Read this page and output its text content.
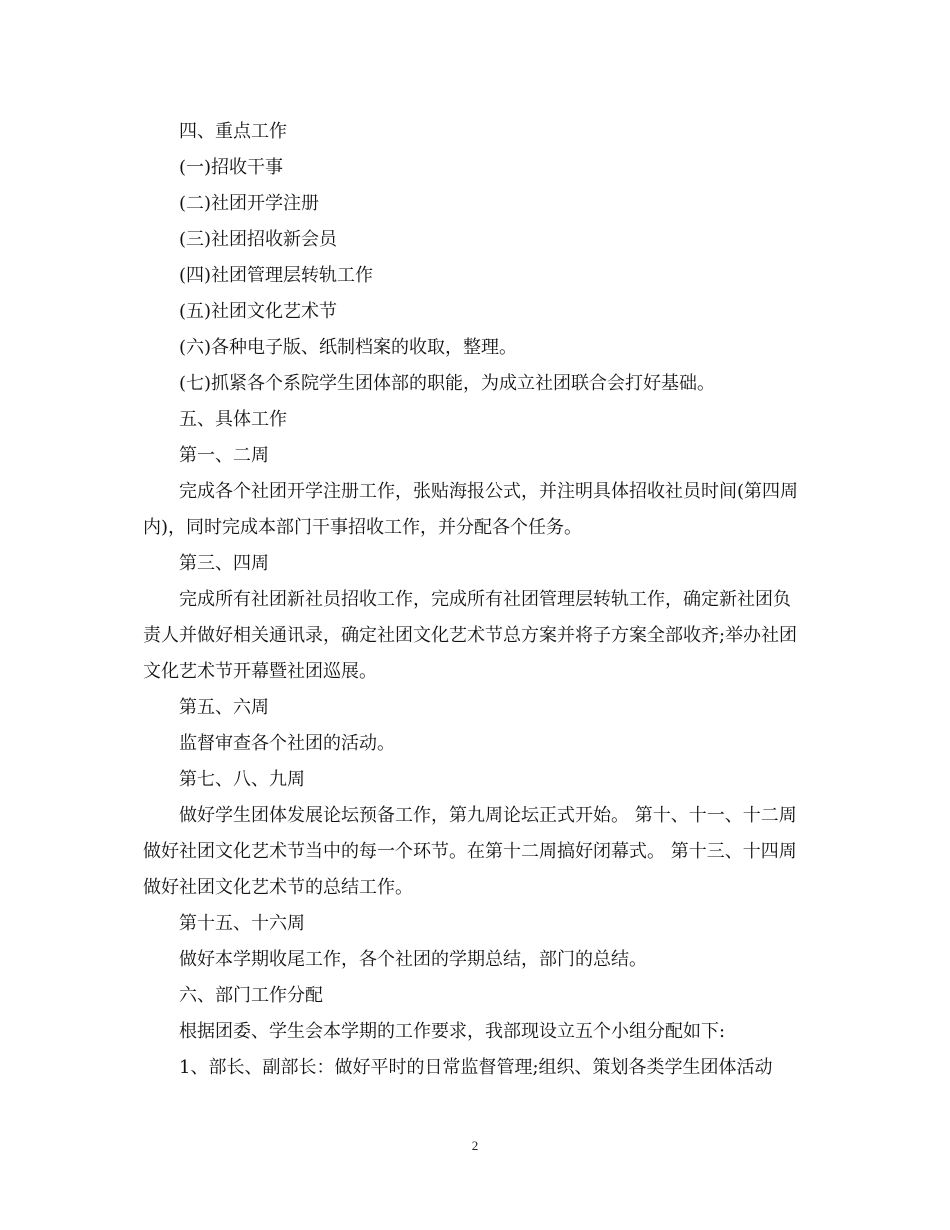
四、重点工作

(一)招收干事

(二)社团开学注册

(三)社团招收新会员

(四)社团管理层转轨工作

(五)社团文化艺术节

(六)各种电子版、纸制档案的收取，整理。

(七)抓紧各个系院学生团体部的职能，为成立社团联合会打好基础。

五、具体工作

第一、二周

完成各个社团开学注册工作，张贴海报公式，并注明具体招收社员时间(第四周内)，同时完成本部门干事招收工作，并分配各个任务。

第三、四周

完成所有社团新社员招收工作，完成所有社团管理层转轨工作，确定新社团负责人并做好相关通讯录，确定社团文化艺术节总方案并将子方案全部收齐;举办社团文化艺术节开幕暨社团巡展。

第五、六周

监督审查各个社团的活动。

第七、八、九周

做好学生团体发展论坛预备工作，第九周论坛正式开始。 第十、十一、十二周 做好社团文化艺术节当中的每一个环节。在第十二周搞好闭幕式。 第十三、十四周 做好社团文化艺术节的总结工作。

第十五、十六周

做好本学期收尾工作，各个社团的学期总结，部门的总结。

六、部门工作分配

根据团委、学生会本学期的工作要求，我部现设立五个小组分配如下:

1、部长、副部长：做好平时的日常监督管理;组织、策划各类学生团体活动

2
